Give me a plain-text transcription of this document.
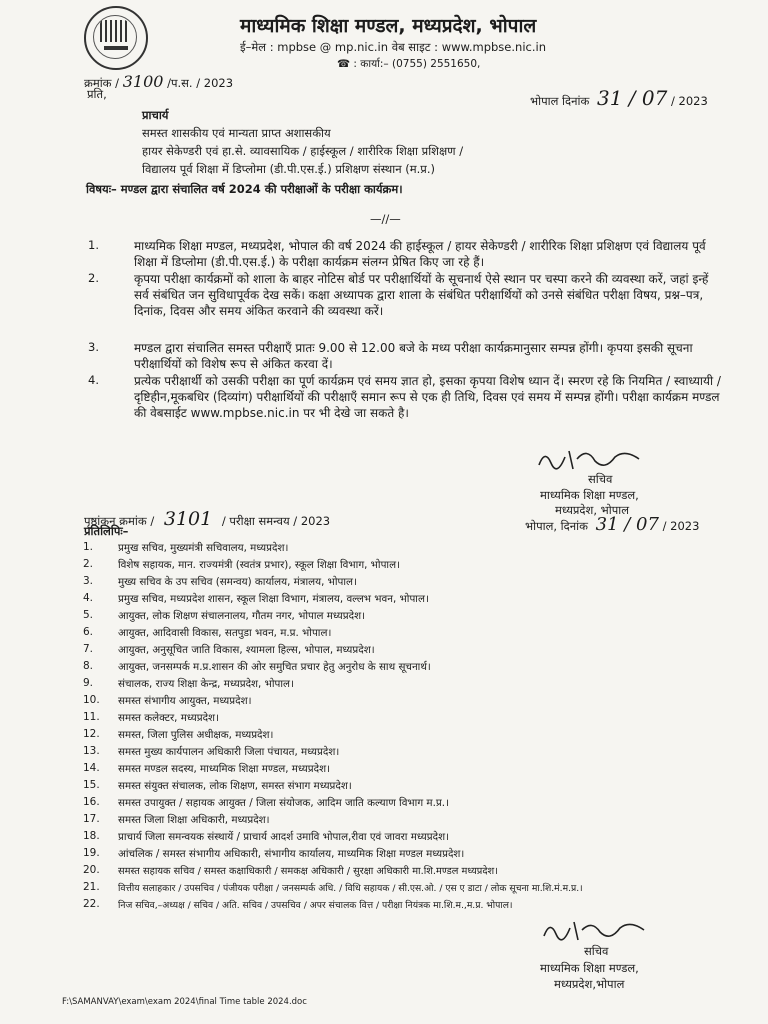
माध्यमिक शिक्षा मण्डल, मध्यप्रदेश, भोपाल
ई–मेल : mpbse @ mp.nic.in वेब साइट : www.mpbse.nic.in
☎ : कार्या:– (0755) 2551650,
क्रमांक / 3100 /प.स. / 2023
प्रति,	भोपाल दिनांक 31 / 07 / 2023
प्राचार्य
समस्त शासकीय एवं मान्यता प्राप्त अशासकीय
हायर सेकेण्डरी एवं हा.से. व्यावसायिक / हाईस्कूल / शारीरिक शिक्षा प्रशिक्षण /
विद्यालय पूर्व शिक्षा में डिप्लोमा (डी.पी.एस.ई.) प्रशिक्षण संस्थान (म.प्र.)
विषयः– मण्डल द्वारा संचालित वर्ष 2024 की परीक्षाओं के परीक्षा कार्यक्रम।
—//—
1.	माध्यमिक शिक्षा मण्डल, मध्यप्रदेश, भोपाल की वर्ष 2024 की हाईस्कूल / हायर सेकेण्डरी / शारीरिक शिक्षा प्रशिक्षण एवं विद्यालय पूर्व शिक्षा में डिप्लोमा (डी.पी.एस.ई.) के परीक्षा कार्यक्रम संलग्न प्रेषित किए जा रहे हैं।
2.	कृपया परीक्षा कार्यक्रमों को शाला के बाहर नोटिस बोर्ड पर परीक्षार्थियों के सूचनार्थ ऐसे स्थान पर चस्पा करने की व्यवस्था करें, जहां इन्हें सर्व संबंधित जन सुविधापूर्वक देख सकें। कक्षा अध्यापक द्वारा शाला के संबंधित परीक्षार्थियों को उनसे संबंधित परीक्षा विषय, प्रश्न–पत्र, दिनांक, दिवस और समय अंकित करवाने की व्यवस्था करें।
3.	मण्डल द्वारा संचालित समस्त परीक्षाएँ प्रातः 9.00 से 12.00 बजे के मध्य परीक्षा कार्यक्रमानुसार सम्पन्न होंगी। कृपया इसकी सूचना परीक्षार्थियों को विशेष रूप से अंकित करवा दें।
4.	प्रत्येक परीक्षार्थी को उसकी परीक्षा का पूर्ण कार्यक्रम एवं समय ज्ञात हो, इसका कृपया विशेष ध्यान दें। स्मरण रहे कि नियमित / स्वाध्यायी / दृष्टिहीन,मूकबधिर (दिव्यांग) परीक्षार्थियों की परीक्षाएँ समान रूप से एक ही तिथि, दिवस एवं समय में सम्पन्न होंगी। परीक्षा कार्यक्रम मण्डल की वेबसाईट www.mpbse.nic.in पर भी देखे जा सकते है।
सचिव
माध्यमिक शिक्षा मण्डल,
मध्यप्रदेश, भोपाल
पृष्ठांकन क्रमांक / 3101 / परीक्षा समन्वय / 2023	भोपाल, दिनांक 31 / 07 / 2023
प्रतिलिपिः–
1. प्रमुख सचिव, मुख्यमंत्री सचिवालय, मध्यप्रदेश।
2. विशेष सहायक, मान. राज्यमंत्री (स्वतंत्र प्रभार), स्कूल शिक्षा विभाग, भोपाल।
3. मुख्य सचिव के उप सचिव (समन्वय) कार्यालय, मंत्रालय, भोपाल।
4. प्रमुख सचिव, मध्यप्रदेश शासन, स्कूल शिक्षा विभाग, मंत्रालय, वल्लभ भवन, भोपाल।
5. आयुक्त, लोक शिक्षण संचालनालय, गौतम नगर, भोपाल मध्यप्रदेश।
6. आयुक्त, आदिवासी विकास, सतपुडा भवन, म.प्र. भोपाल।
7. आयुक्त, अनुसूचित जाति विकास, श्यामला हिल्स, भोपाल, मध्यप्रदेश।
8. आयुक्त, जनसम्पर्क म.प्र.शासन की ओर समुचित प्रचार हेतु अनुरोध के साथ सूचनार्थ।
9. संचालक, राज्य शिक्षा केन्द्र, मध्यप्रदेश, भोपाल।
10. समस्त संभागीय आयुक्त, मध्यप्रदेश।
11. समस्त कलेक्टर, मध्यप्रदेश।
12. समस्त, जिला पुलिस अधीक्षक, मध्यप्रदेश।
13. समस्त मुख्य कार्यपालन अधिकारी जिला पंचायत, मध्यप्रदेश।
14. समस्त मण्डल सदस्य, माध्यमिक शिक्षा मण्डल, मध्यप्रदेश।
15. समस्त संयुक्त संचालक, लोक शिक्षण, समस्त संभाग मध्यप्रदेश।
16. समस्त उपायुक्त / सहायक आयुक्त / जिला संयोजक, आदिम जाति कल्याण विभाग म.प्र.।
17. समस्त जिला शिक्षा अधिकारी, मध्यप्रदेश।
18. प्राचार्य जिला समन्वयक संस्थायें / प्राचार्य आदर्श उमावि भोपाल,रीवा एवं जावरा मध्यप्रदेश।
19. आंचलिक / समस्त संभागीय अधिकारी, संभागीय कार्यालय, माध्यमिक शिक्षा मण्डल मध्यप्रदेश।
20. समस्त सहायक सचिव / समस्त कक्षाधिकारी / समकक्ष अधिकारी / सुरक्षा अधिकारी मा.शि.मण्डल मध्यप्रदेश।
21. वित्तीय सलाहकार / उपसचिव / पंजीयक परीक्षा / जनसम्पर्क अधि. / विधि सहायक / सी.एस.ओ. / एस ए डाटा / लोक सूचना मा.शि.मं.म.प्र.।
22. निज सचिव,–अध्यक्ष / सचिव / अति. सचिव / उपसचिव / अपर संचालक वित्त / परीक्षा नियंत्रक मा.शि.म.,म.प्र. भोपाल।
सचिव
माध्यमिक शिक्षा मण्डल,
मध्यप्रदेश,भोपाल
F:\SAMANVAY\exam\exam 2024\final Time table 2024.doc
